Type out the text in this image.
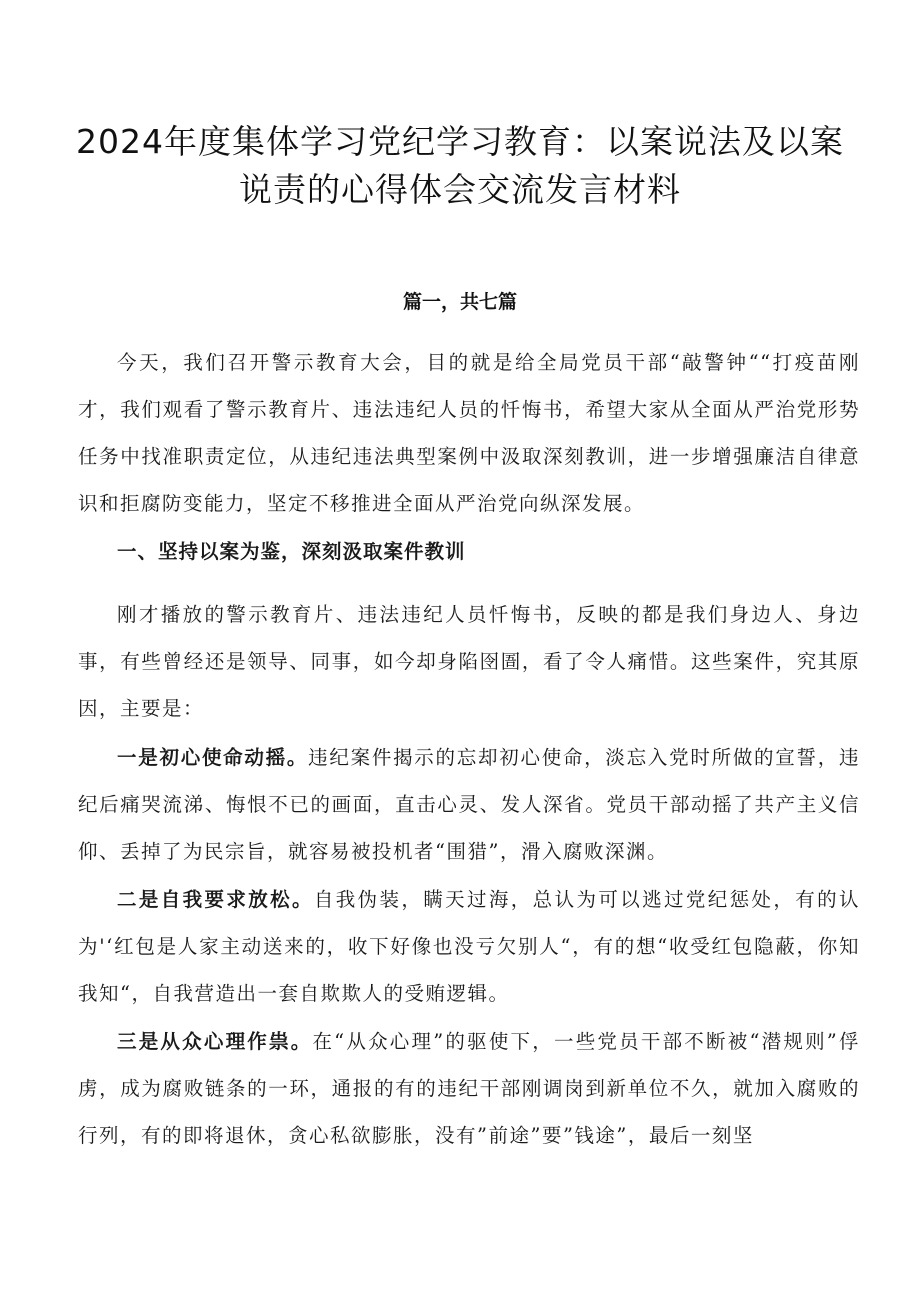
2024年度集体学习党纪学习教育：以案说法及以案说责的心得体会交流发言材料
篇一，共七篇

今天，我们召开警示教育大会，目的就是给全局党员干部“敲警钟““打疫苗刚才，我们观看了警示教育片、违法违纪人员的忏悔书，希望大家从全面从严治党形势任务中找准职责定位，从违纪违法典型案例中汲取深刻教训，进一步增强廉洁自律意识和拒腐防变能力，坚定不移推进全面从严治党向纵深发展。

一、坚持以案为鉴，深刻汲取案件教训

刚才播放的警示教育片、违法违纪人员忏悔书，反映的都是我们身边人、身边事，有些曾经还是领导、同事，如今却身陷囹圄，看了令人痛惜。这些案件，究其原因，主要是：

一是初心使命动摇。违纪案件揭示的忘却初心使命，淡忘入党时所做的宣誓，违纪后痛哭流涕、悔恨不已的画面，直击心灵、发人深省。党员干部动摇了共产主义信仰、丢掉了为民宗旨，就容易被投机者“围猎”，滑入腐败深渊。

二是自我要求放松。自我伪装，瞒天过海，总认为可以逃过党纪惩处，有的认为'‘红包是人家主动送来的，收下好像也没亏欠别人“，有的想“收受红包隐蔽，你知我知“，自我营造出一套自欺欺人的受贿逻辑。

三是从众心理作祟。在“从众心理”的驱使下，一些党员干部不断被“潜规则”俘虏，成为腐败链条的一环，通报的有的违纪干部刚调岗到新单位不久，就加入腐败的行列，有的即将退休，贪心私欲膨胀，没有”前途”要”钱途”，最后一刻坚
